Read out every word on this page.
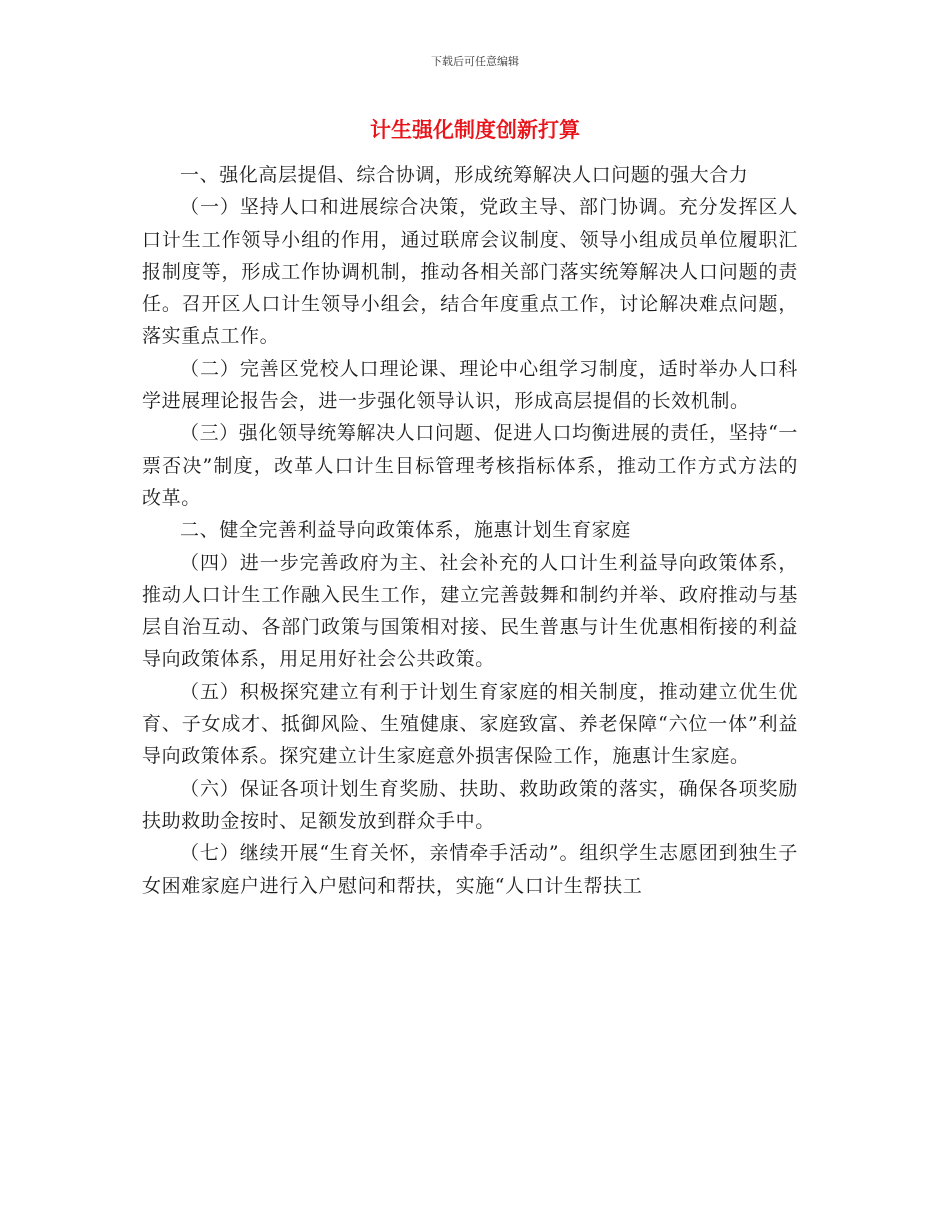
下载后可任意编辑
计生强化制度创新打算

一、强化高层提倡、综合协调，形成统筹解决人口问题的强大合力

（一）坚持人口和进展综合决策，党政主导、部门协调。充分发挥区人口计生工作领导小组的作用，通过联席会议制度、领导小组成员单位履职汇报制度等，形成工作协调机制，推动各相关部门落实统筹解决人口问题的责任。召开区人口计生领导小组会，结合年度重点工作，讨论解决难点问题，落实重点工作。

（二）完善区党校人口理论课、理论中心组学习制度，适时举办人口科学进展理论报告会，进一步强化领导认识，形成高层提倡的长效机制。

（三）强化领导统筹解决人口问题、促进人口均衡进展的责任，坚持“一票否决”制度，改革人口计生目标管理考核指标体系，推动工作方式方法的改革。

二、健全完善利益导向政策体系，施惠计划生育家庭

（四）进一步完善政府为主、社会补充的人口计生利益导向政策体系，推动人口计生工作融入民生工作，建立完善鼓舞和制约并举、政府推动与基层自治互动、各部门政策与国策相对接、民生普惠与计生优惠相衔接的利益导向政策体系，用足用好社会公共政策。

（五）积极探究建立有利于计划生育家庭的相关制度，推动建立优生优育、子女成才、抵御风险、生殖健康、家庭致富、养老保障“六位一体”利益导向政策体系。探究建立计生家庭意外损害保险工作，施惠计生家庭。

（六）保证各项计划生育奖励、扶助、救助政策的落实，确保各项奖励扶助救助金按时、足额发放到群众手中。

（七）继续开展“生育关怀，亲情牵手活动”。组织学生志愿团到独生子女困难家庭户进行入户慰问和帮扶，实施“人口计生帮扶工
